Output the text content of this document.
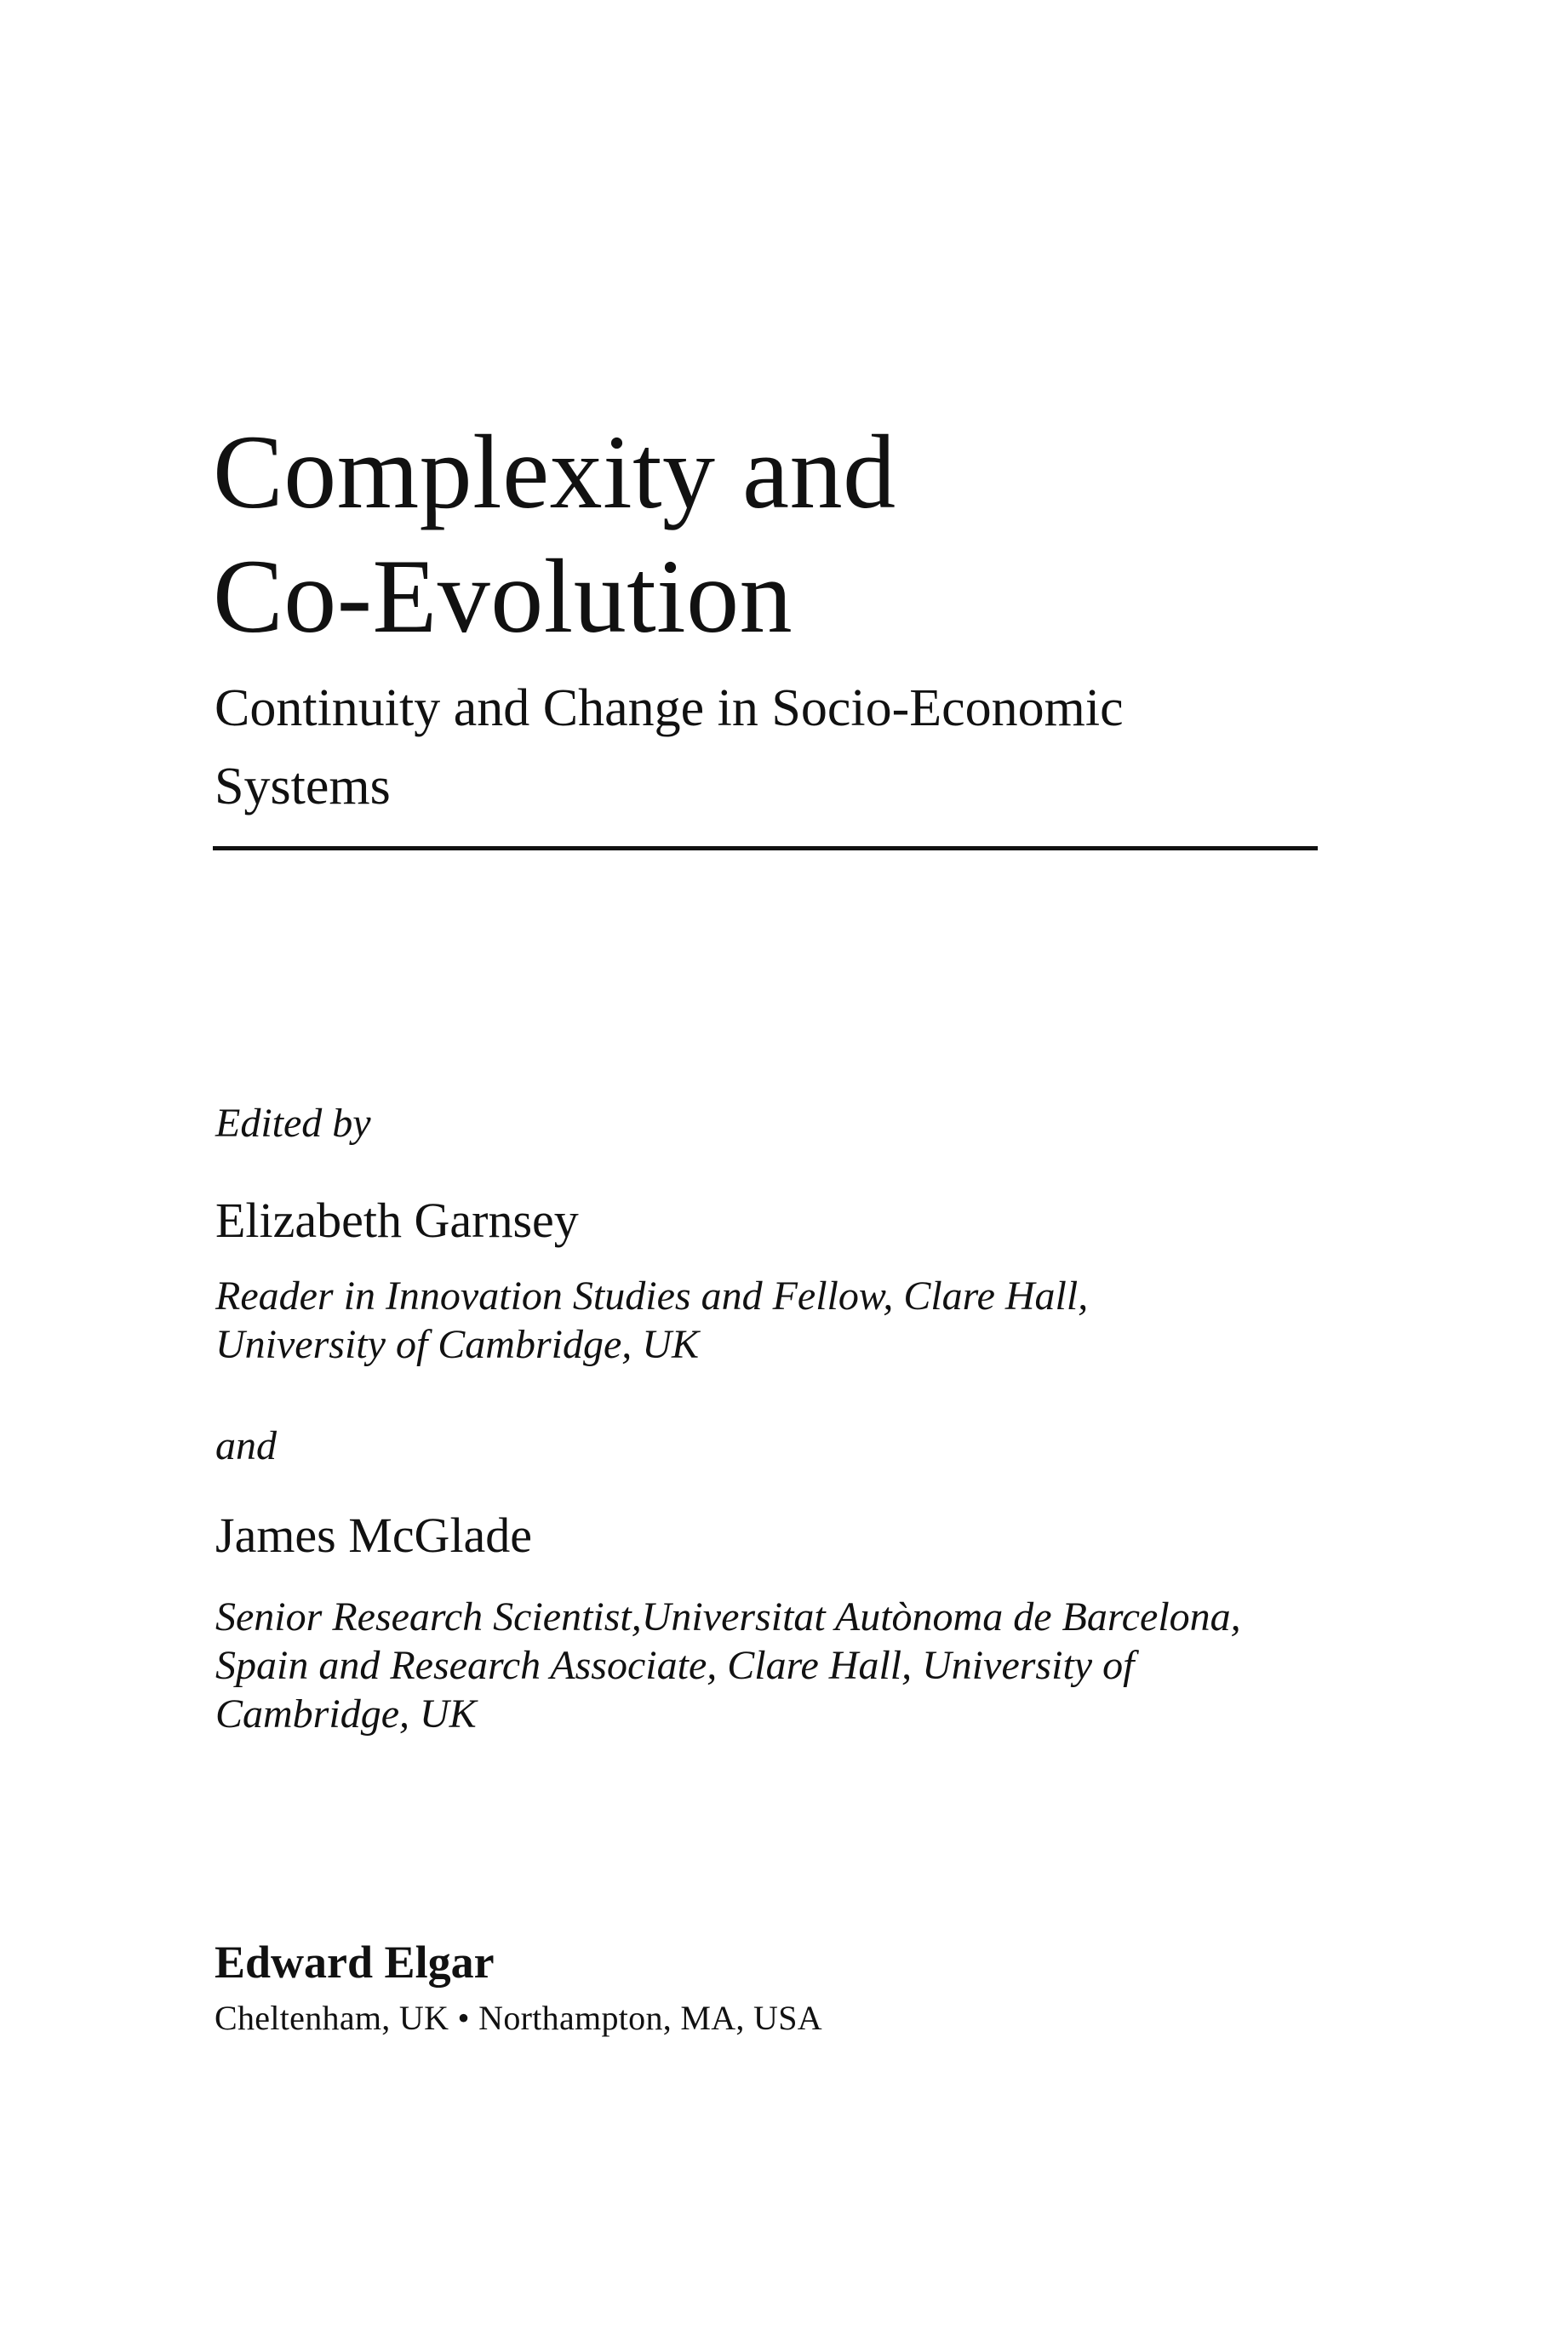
Complexity and
Co-Evolution
Continuity and Change in Socio-Economic
Systems

Edited by

Elizabeth Garnsey

Reader in Innovation Studies and Fellow, Clare Hall,
University of Cambridge, UK

and

James McGlade

Senior Research Scientist,Universitat Autònoma de Barcelona,
Spain and Research Associate, Clare Hall, University of
Cambridge, UK

Edward Elgar

Cheltenham, UK • Northampton, MA, USA
